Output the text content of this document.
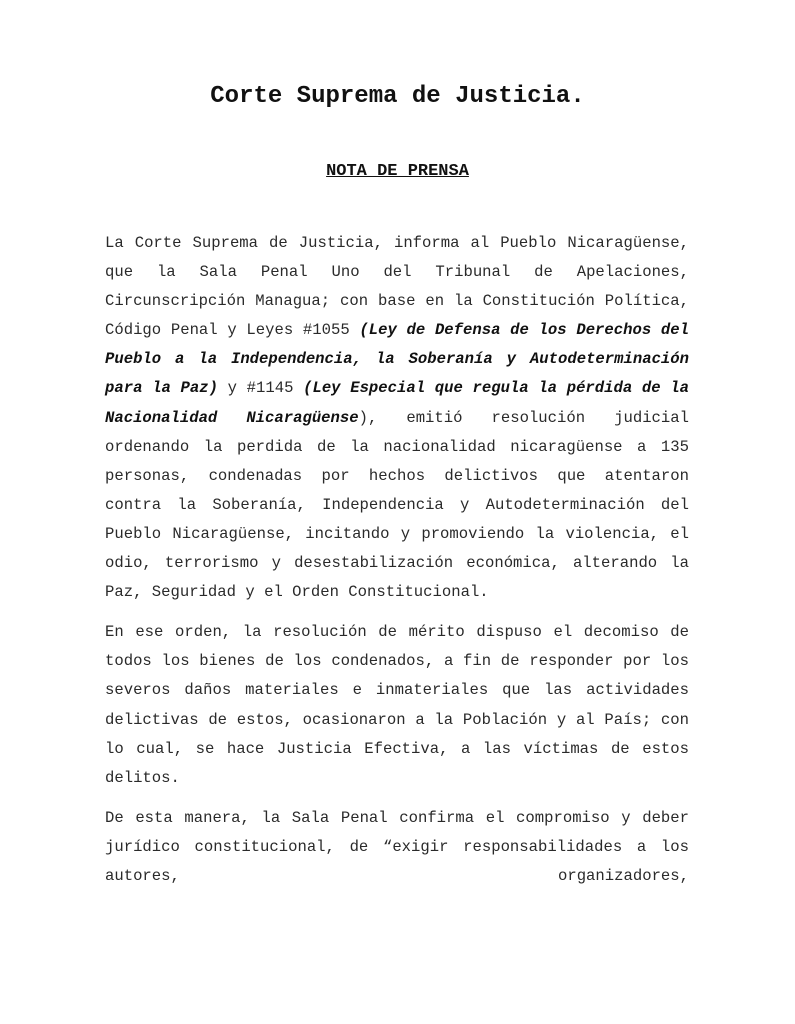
Corte Suprema de Justicia.
NOTA DE PRENSA

La Corte Suprema de Justicia, informa al Pueblo Nicaragüense, que la Sala Penal Uno del Tribunal de Apelaciones, Circunscripción Managua; con base en la Constitución Política, Código Penal y Leyes #1055 (Ley de Defensa de los Derechos del Pueblo a la Independencia, la Soberanía y Autodeterminación para la Paz) y #1145 (Ley Especial que regula la pérdida de la Nacionalidad Nicaragüense), emitió resolución judicial ordenando la perdida de la nacionalidad nicaragüense a 135 personas, condenadas por hechos delictivos que atentaron contra la Soberanía, Independencia y Autodeterminación del Pueblo Nicaragüense, incitando y promoviendo la violencia, el odio, terrorismo y desestabilización económica, alterando la Paz, Seguridad y el Orden Constitucional.

En ese orden, la resolución de mérito dispuso el decomiso de todos los bienes de los condenados, a fin de responder por los severos daños materiales e inmateriales que las actividades delictivas de estos, ocasionaron a la Población y al País; con lo cual, se hace Justicia Efectiva, a las víctimas de estos delitos.

De esta manera, la Sala Penal confirma el compromiso y deber jurídico constitucional, de “exigir responsabilidades a los autores, organizadores,
